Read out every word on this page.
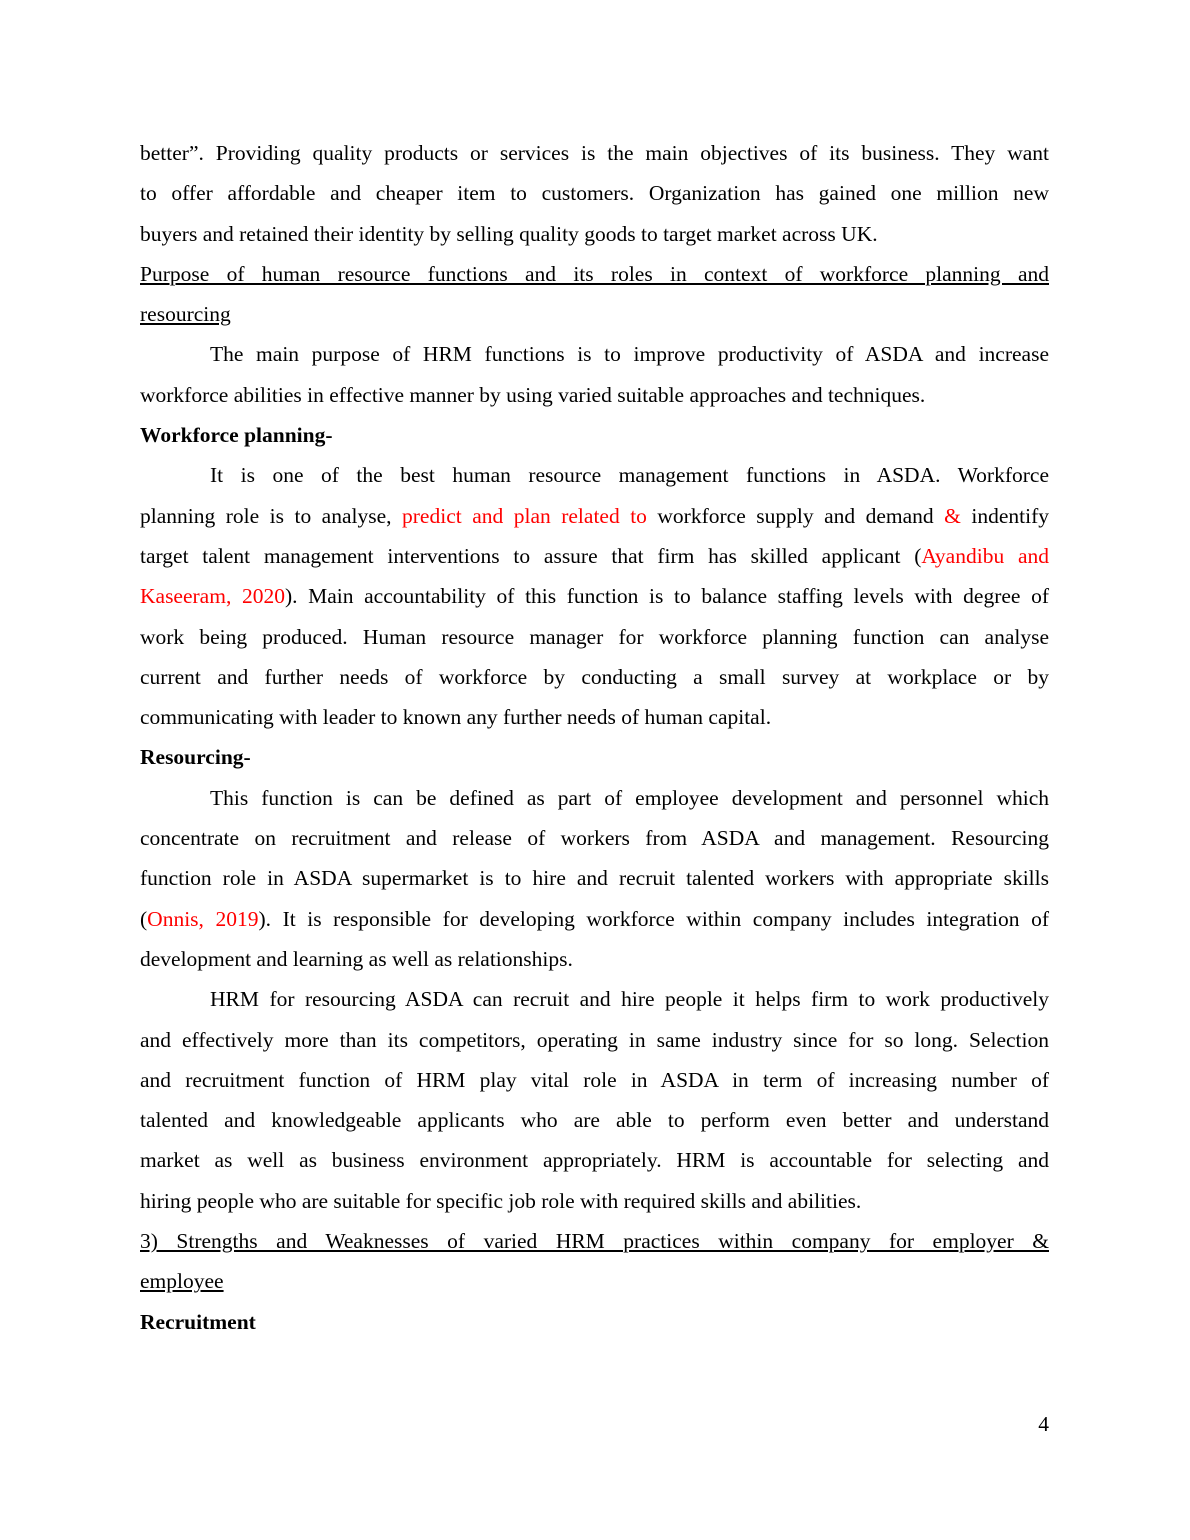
better”. Providing quality products or services is the main objectives of its business. They want
to offer affordable and cheaper item to customers. Organization has gained one million new
buyers and retained their identity by selling quality goods to target market across UK.
Purpose of human resource functions and its roles in context of workforce planning and
resourcing
The main purpose of HRM functions is to improve productivity of ASDA and increase
workforce abilities in effective manner by using varied suitable approaches and techniques.
Workforce planning-
It is one of the best human resource management functions in ASDA. Workforce
planning role is to analyse, predict and plan related to workforce supply and demand & indentify
target talent management interventions to assure that firm has skilled applicant (Ayandibu and
Kaseeram, 2020). Main accountability of this function is to balance staffing levels with degree of
work being produced. Human resource manager for workforce planning function can analyse
current and further needs of workforce by conducting a small survey at workplace or by
communicating with leader to known any further needs of human capital.
Resourcing-
This function is can be defined as part of employee development and personnel which
concentrate on recruitment and release of workers from ASDA and management. Resourcing
function role in ASDA supermarket is to hire and recruit talented workers with appropriate skills
(Onnis, 2019). It is responsible for developing workforce within company includes integration of
development and learning as well as relationships.
HRM for resourcing ASDA can recruit and hire people it helps firm to work productively
and effectively more than its competitors, operating in same industry since for so long. Selection
and recruitment function of HRM play vital role in ASDA in term of increasing number of
talented and knowledgeable applicants who are able to perform even better and understand
market as well as business environment appropriately. HRM is accountable for selecting and
hiring people who are suitable for specific job role with required skills and abilities.
3) Strengths and Weaknesses of varied HRM practices within company for employer &
employee
Recruitment
4
